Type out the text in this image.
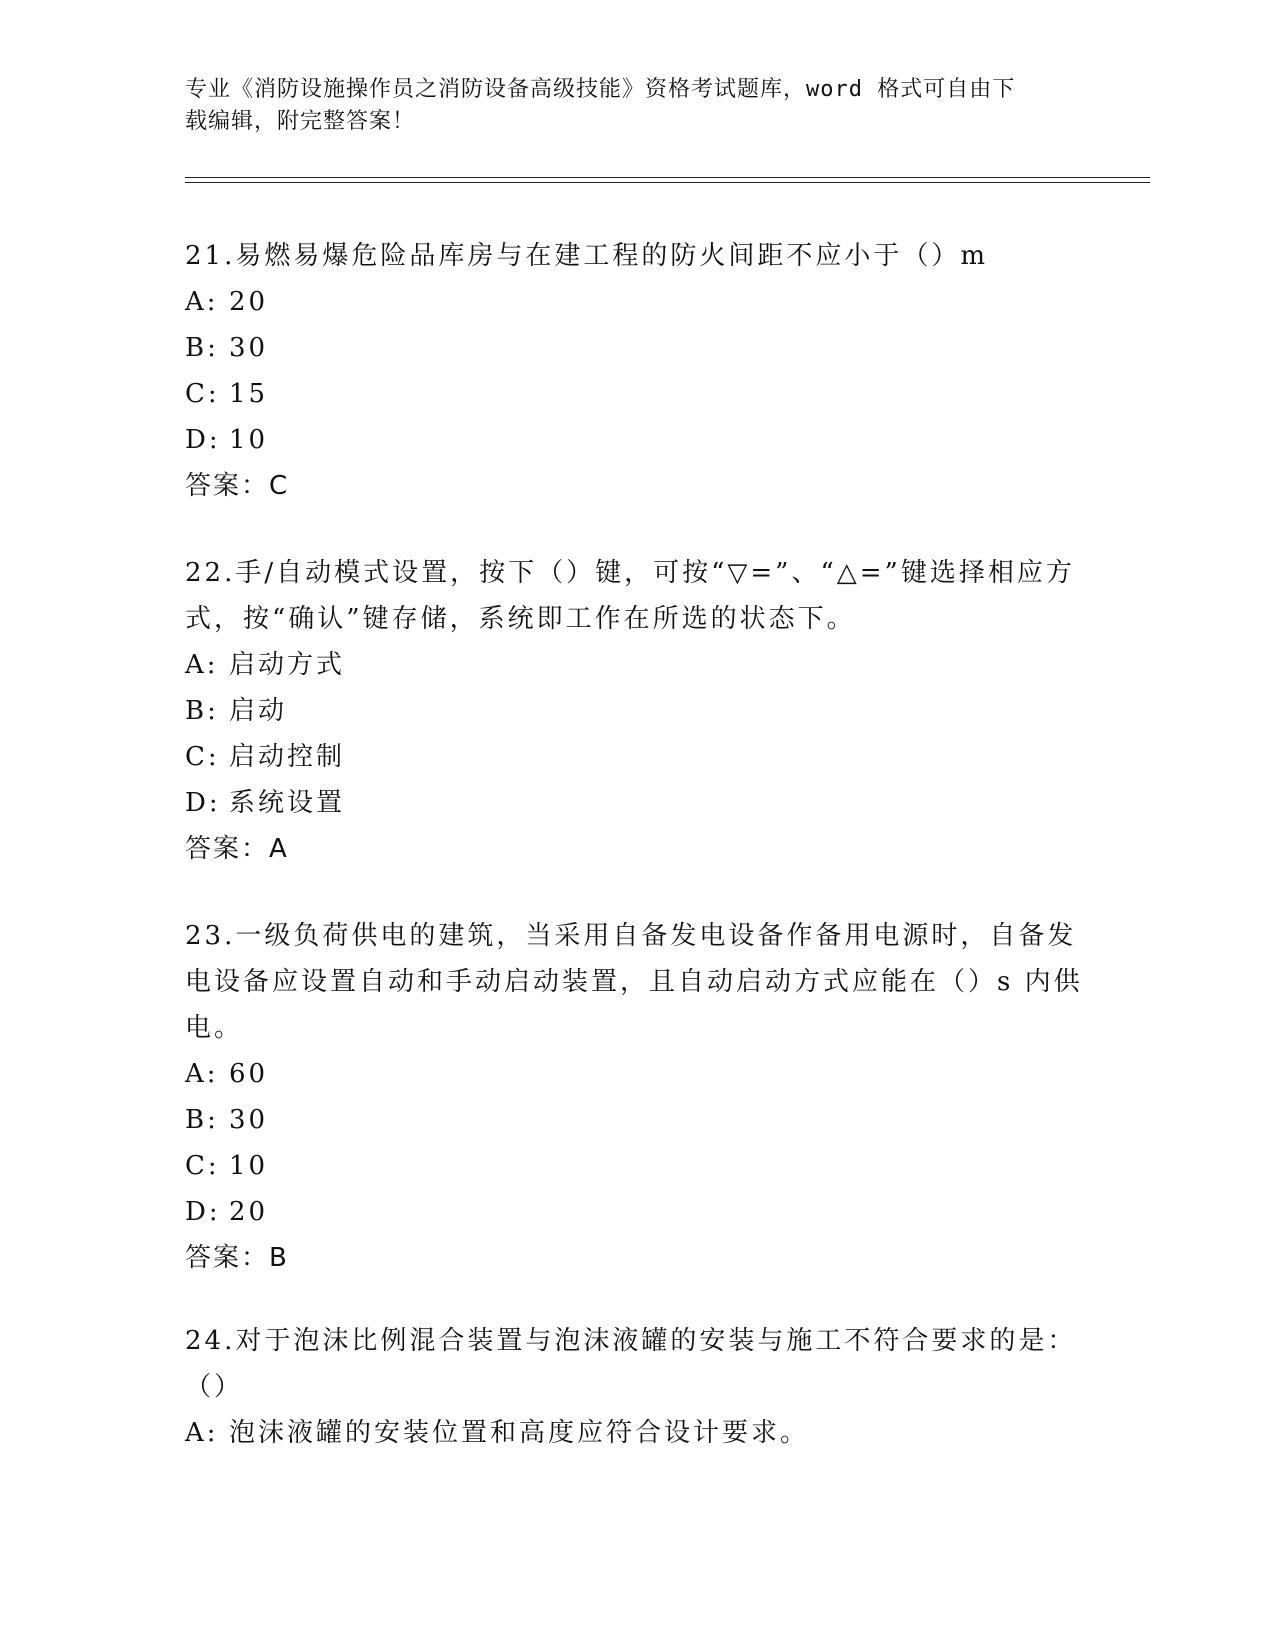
专业《消防设施操作员之消防设备高级技能》资格考试题库，word 格式可自由下
载编辑，附完整答案！

21.易燃易爆危险品库房与在建工程的防火间距不应小于（）m

A: 20

B: 30

C: 15

D: 10

答案：C

22.手/自动模式设置，按下（）键，可按“▽=”、“△=”键选择相应方式，按“确认”键存储，系统即工作在所选的状态下。

A: 启动方式

B: 启动

C: 启动控制

D: 系统设置

答案：A

23.一级负荷供电的建筑，当采用自备发电设备作备用电源时，自备发电设备应设置自动和手动启动装置，且自动启动方式应能在（）s 内供电。

A: 60

B: 30

C: 10

D: 20

答案：B

24.对于泡沫比例混合装置与泡沫液罐的安装与施工不符合要求的是：（）

A: 泡沫液罐的安装位置和高度应符合设计要求。
